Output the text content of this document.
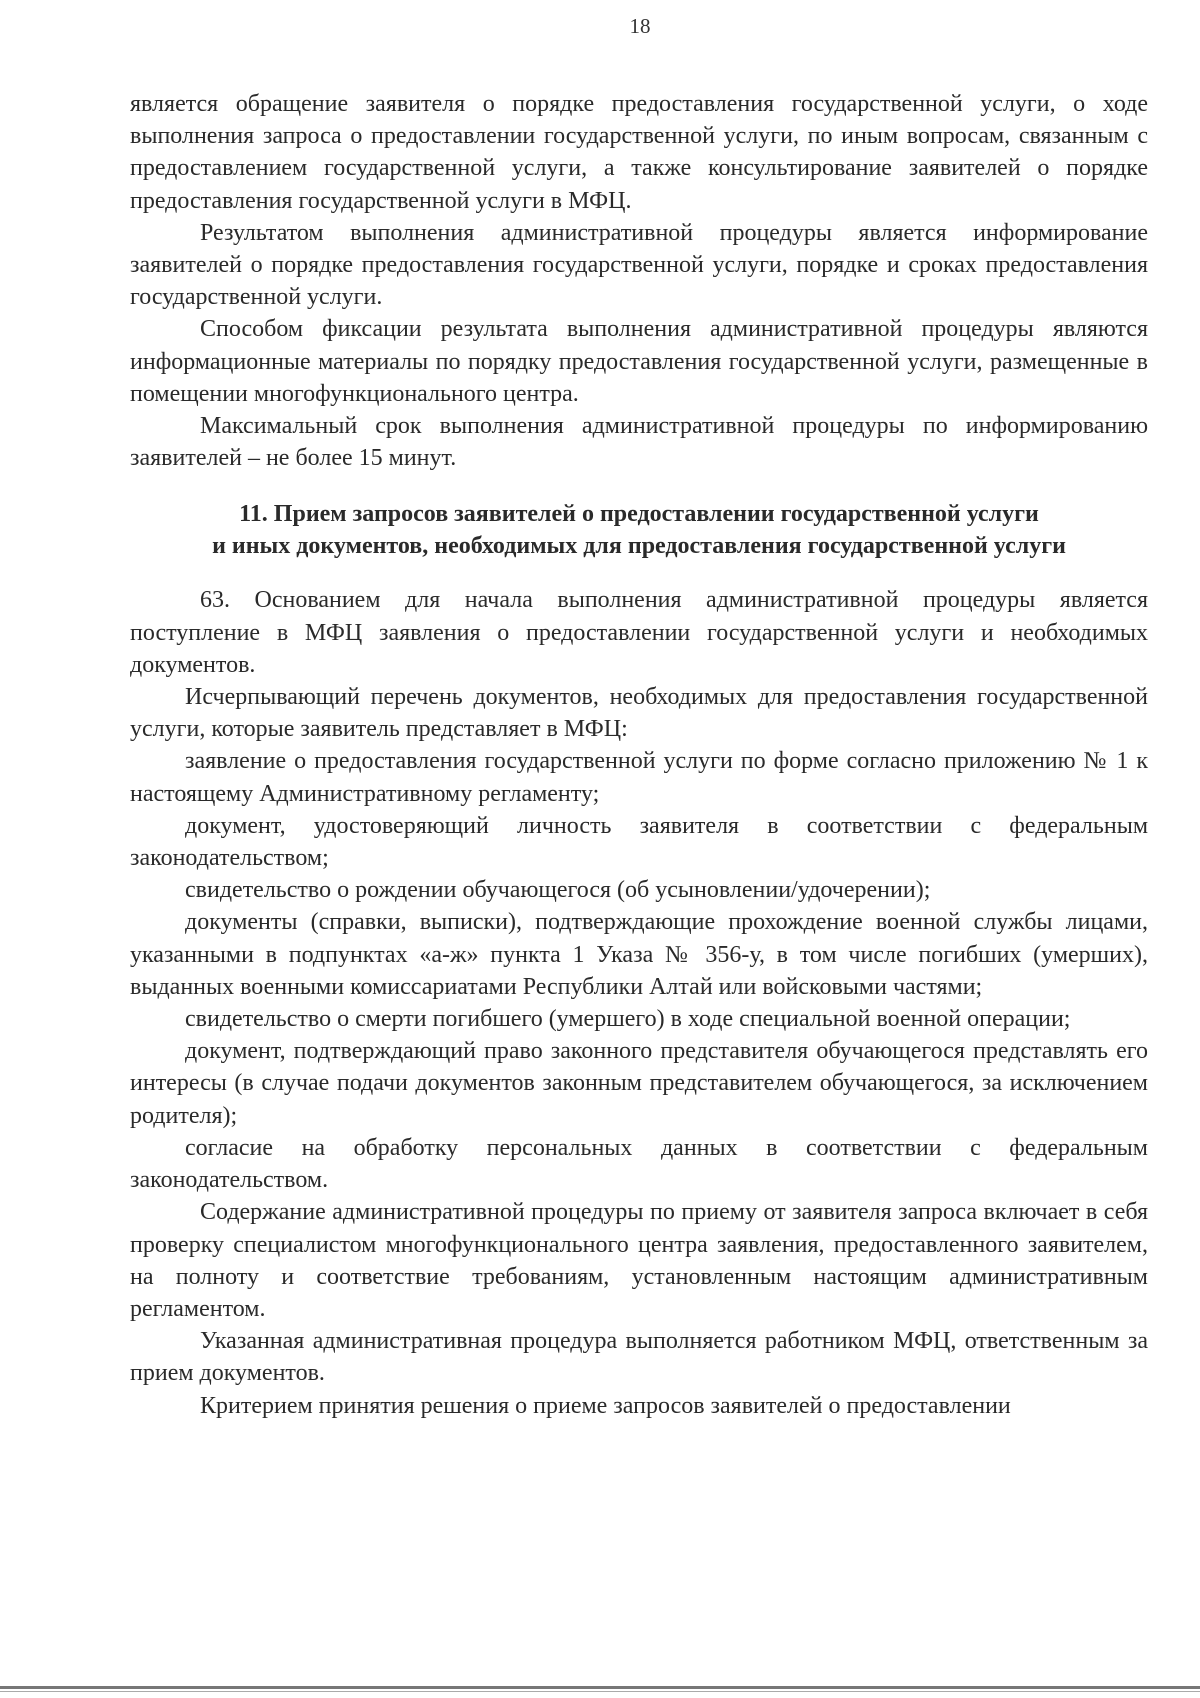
18

является обращение заявителя о порядке предоставления государственной услуги, о ходе выполнения запроса о предоставлении государственной услуги, по иным вопросам, связанным с предоставлением государственной услуги, а также консультирование заявителей о порядке предоставления государственной услуги в МФЦ.

Результатом выполнения административной процедуры является информирование заявителей о порядке предоставления государственной услуги, порядке и сроках предоставления государственной услуги.

Способом фиксации результата выполнения административной процедуры являются информационные материалы по порядку предоставления государственной услуги, размещенные в помещении многофункционального центра.

Максимальный срок выполнения административной процедуры по информированию заявителей – не более 15 минут.

11. Прием запросов заявителей о предоставлении государственной услуги
и иных документов, необходимых для предоставления государственной услуги

63. Основанием для начала выполнения административной процедуры является поступление в МФЦ заявления о предоставлении государственной услуги и необходимых документов.

Исчерпывающий перечень документов, необходимых для предоставления государственной услуги, которые заявитель представляет в МФЦ:

заявление о предоставления государственной услуги по форме согласно приложению № 1 к настоящему Административному регламенту;

документ, удостоверяющий личность заявителя в соответствии с федеральным законодательством;

свидетельство о рождении обучающегося (об усыновлении/удочерении);

документы (справки, выписки), подтверждающие прохождение военной службы лицами, указанными в подпунктах «а-ж» пункта 1 Указа № 356-у, в том числе погибших (умерших), выданных военными комиссариатами Республики Алтай или войсковыми частями;

свидетельство о смерти погибшего (умершего) в ходе специальной военной операции;

документ, подтверждающий право законного представителя обучающегося представлять его интересы (в случае подачи документов законным представителем обучающегося, за исключением родителя);

согласие на обработку персональных данных в соответствии с федеральным законодательством.

Содержание административной процедуры по приему от заявителя запроса включает в себя проверку специалистом многофункционального центра заявления, предоставленного заявителем, на полноту и соответствие требованиям, установленным настоящим административным регламентом.

Указанная административная процедура выполняется работником МФЦ, ответственным за прием документов.

Критерием принятия решения о приеме запросов заявителей о предоставлении
